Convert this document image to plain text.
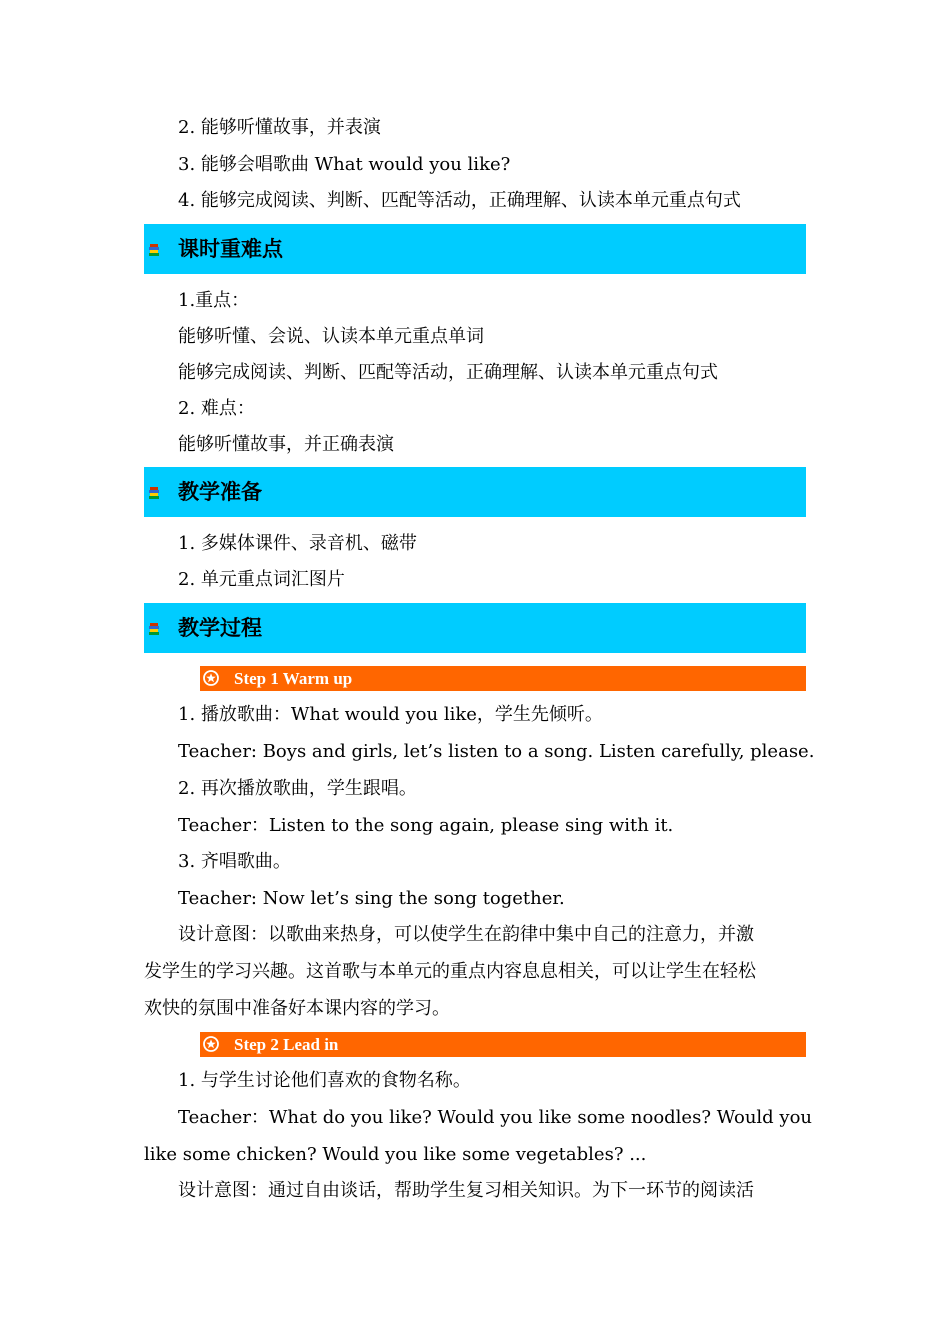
2. 能够听懂故事，并表演
3. 能够会唱歌曲 What would you like?
4. 能够完成阅读、判断、匹配等活动，正确理解、认读本单元重点句式
课时重难点
1.重点：
能够听懂、会说、认读本单元重点单词
能够完成阅读、判断、匹配等活动，正确理解、认读本单元重点句式
2. 难点：
能够听懂故事，并正确表演
教学准备
1. 多媒体课件、录音机、磁带
2. 单元重点词汇图片
教学过程
Step 1 Warm up
1. 播放歌曲：What would you like，学生先倾听。
Teacher: Boys and girls, let’s listen to a song. Listen carefully, please.
2. 再次播放歌曲，学生跟唱。
Teacher：Listen to the song again, please sing with it.
3. 齐唱歌曲。
Teacher: Now let’s sing the song together.
设计意图：以歌曲来热身，可以使学生在韵律中集中自己的注意力，并激
发学生的学习兴趣。这首歌与本单元的重点内容息息相关，可以让学生在轻松
欢快的氛围中准备好本课内容的学习。
Step 2 Lead in
1. 与学生讨论他们喜欢的食物名称。
Teacher：What do you like? Would you like some noodles? Would you
like some chicken? Would you like some vegetables? ...
设计意图：通过自由谈话，帮助学生复习相关知识。为下一环节的阅读活
